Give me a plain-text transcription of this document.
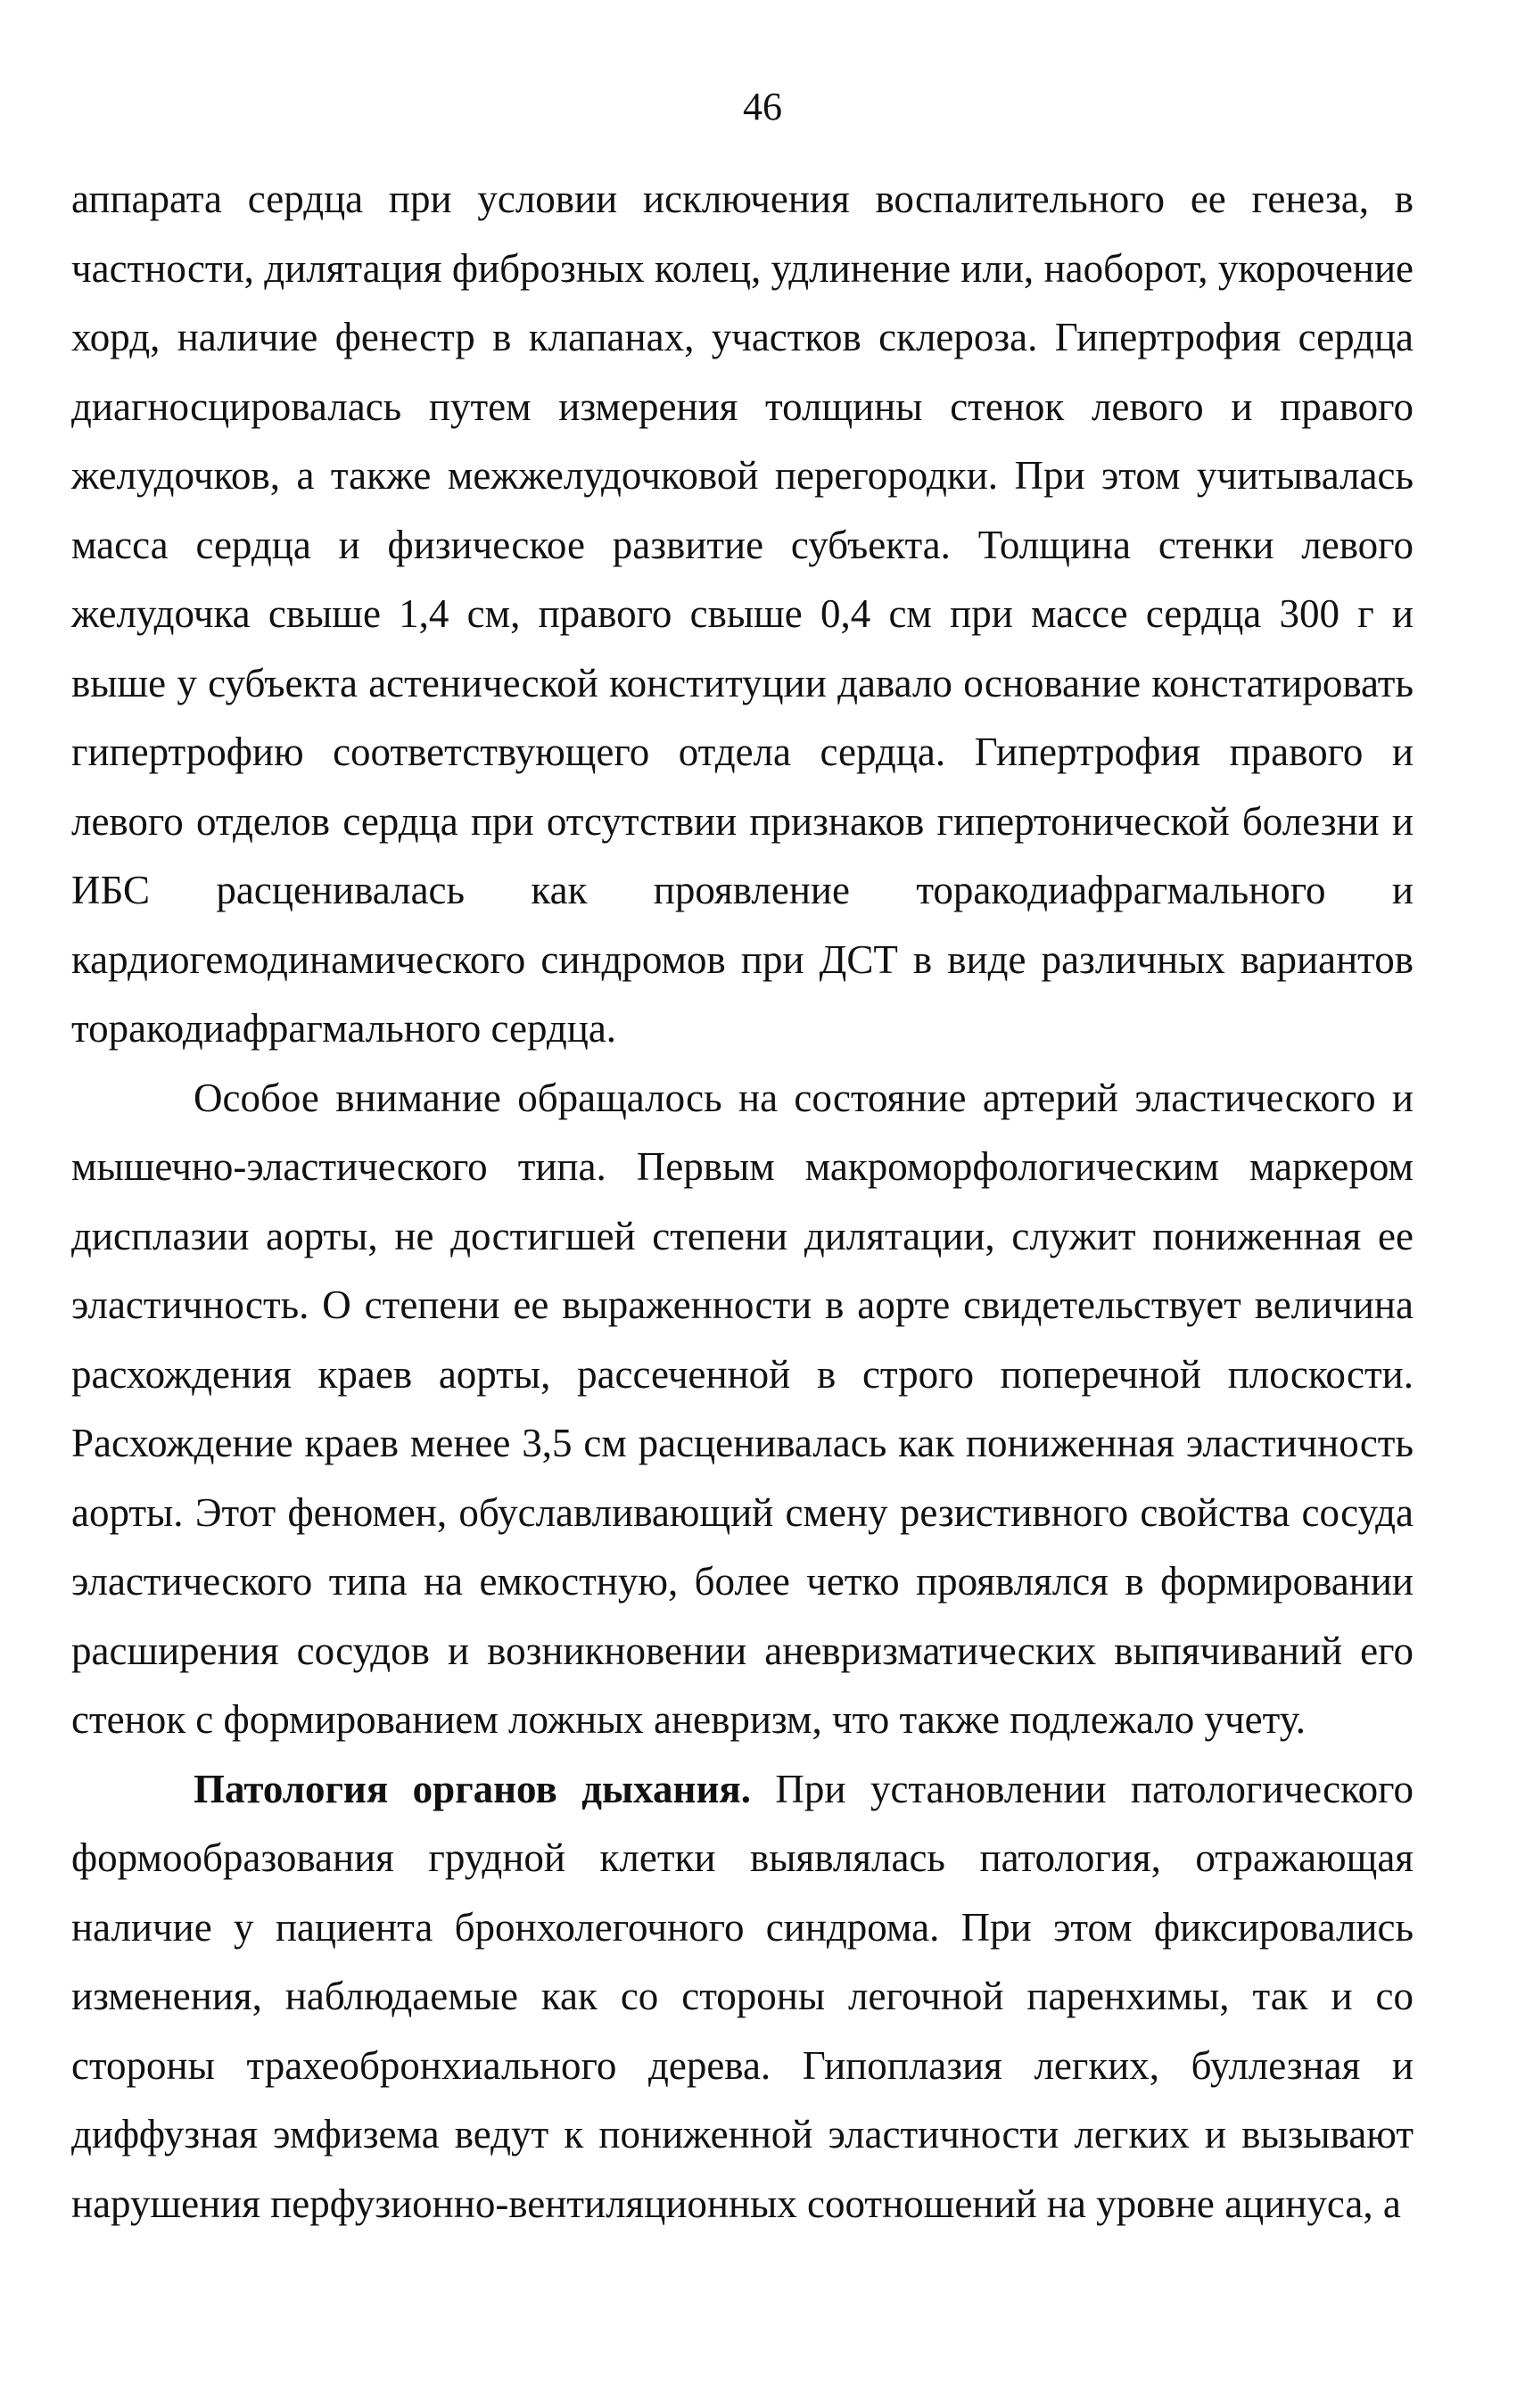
46

аппарата сердца при условии исключения воспалительного ее генеза, в частности, дилятация фиброзных колец, удлинение или, наоборот, укорочение хорд, наличие фенестр в клапанах, участков склероза. Гипертрофия сердца диагносцировалась путем измерения толщины стенок левого и правого желудочков, а также межжелудочковой перегородки. При этом учитывалась масса сердца и физическое развитие субъекта. Толщина стенки левого желудочка свыше 1,4 см, правого свыше 0,4 см при массе сердца 300 г и выше у субъекта астенической конституции давало основание констатировать гипертрофию соответствующего отдела сердца. Гипертрофия правого и левого отделов сердца при отсутствии признаков гипертонической болезни и ИБС расценивалась как проявление торакодиафрагмального и кардиогемодинамического синдромов при ДСТ в виде различных вариантов торакодиафрагмального сердца.

Особое внимание обращалось на состояние артерий эластического и мышечно-эластического типа. Первым макроморфологическим маркером дисплазии аорты, не достигшей степени дилятации, служит пониженная ее эластичность. О степени ее выраженности в аорте свидетельствует величина расхождения краев аорты, рассеченной в строго поперечной плоскости. Расхождение краев менее 3,5 см расценивалась как пониженная эластичность аорты. Этот феномен, обуславливающий смену резистивного свойства сосуда эластического типа на емкостную, более четко проявлялся в формировании расширения сосудов и возникновении аневризматических выпячиваний его стенок с формированием ложных аневризм, что также подлежало учету.

Патология органов дыхания. При установлении патологического формообразования грудной клетки выявлялась патология, отражающая наличие у пациента бронхолегочного синдрома. При этом фиксировались изменения, наблюдаемые как со стороны легочной паренхимы, так и со стороны трахеобронхиального дерева. Гипоплазия легких, буллезная и диффузная эмфизема ведут к пониженной эластичности легких и вызывают нарушения перфузионно-вентиляционных соотношений на уровне ацинуса, а
